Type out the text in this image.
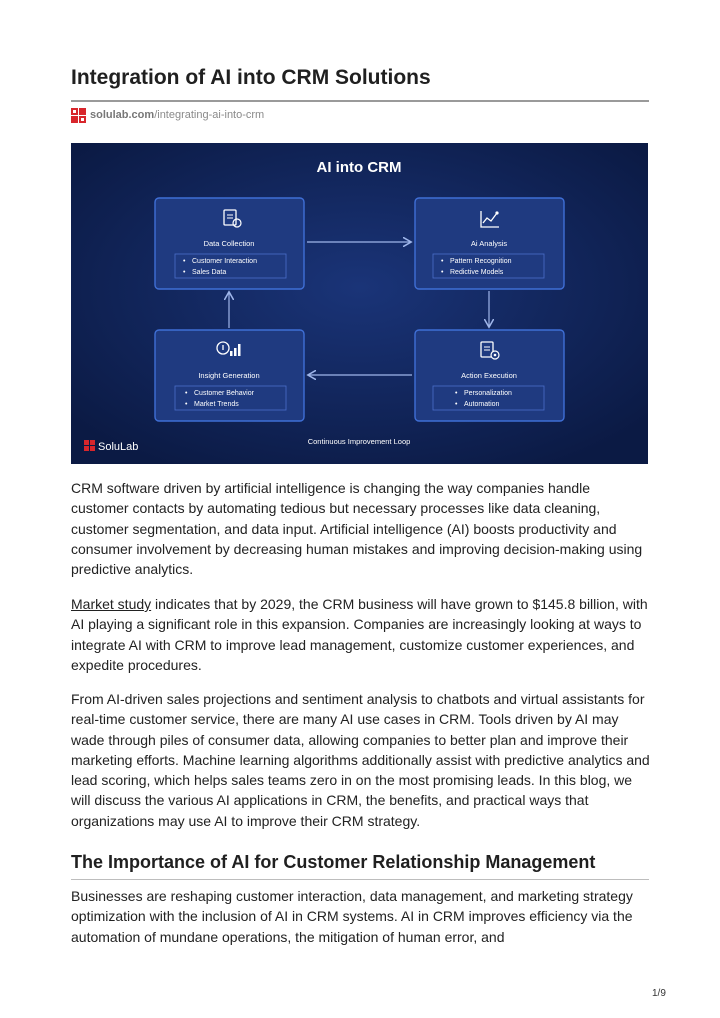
Integration of AI into CRM Solutions
solulab.com /integrating-ai-into-crm
AI into CRM
Data Collection
• Customer Interaction
• Sales Data
Ai Analysis
• Pattern Recognition
• Redictive Models
Insight Generation
• Customer Behavior
• Market Trends
Action Execution
• Personalization
• Automation
SoluLab	Continuous Improvement Loop

CRM software driven by artificial intelligence is changing the way companies handle customer contacts by automating tedious but necessary processes like data cleaning, customer segmentation, and data input. Artificial intelligence (AI) boosts productivity and consumer involvement by decreasing human mistakes and improving decision-making using predictive analytics.

Market study indicates that by 2029, the CRM business will have grown to $145.8 billion, with AI playing a significant role in this expansion. Companies are increasingly looking at ways to integrate AI with CRM to improve lead management, customize customer experiences, and expedite procedures.

From AI-driven sales projections and sentiment analysis to chatbots and virtual assistants for real-time customer service, there are many AI use cases in CRM. Tools driven by AI may wade through piles of consumer data, allowing companies to better plan and improve their marketing efforts. Machine learning algorithms additionally assist with predictive analytics and lead scoring, which helps sales teams zero in on the most promising leads. In this blog, we will discuss the various AI applications in CRM, the benefits, and practical ways that organizations may use AI to improve their CRM strategy.

The Importance of AI for Customer Relationship Management

Businesses are reshaping customer interaction, data management, and marketing strategy optimization with the inclusion of AI in CRM systems. AI in CRM improves efficiency via the automation of mundane operations, the mitigation of human error, and

1/9
